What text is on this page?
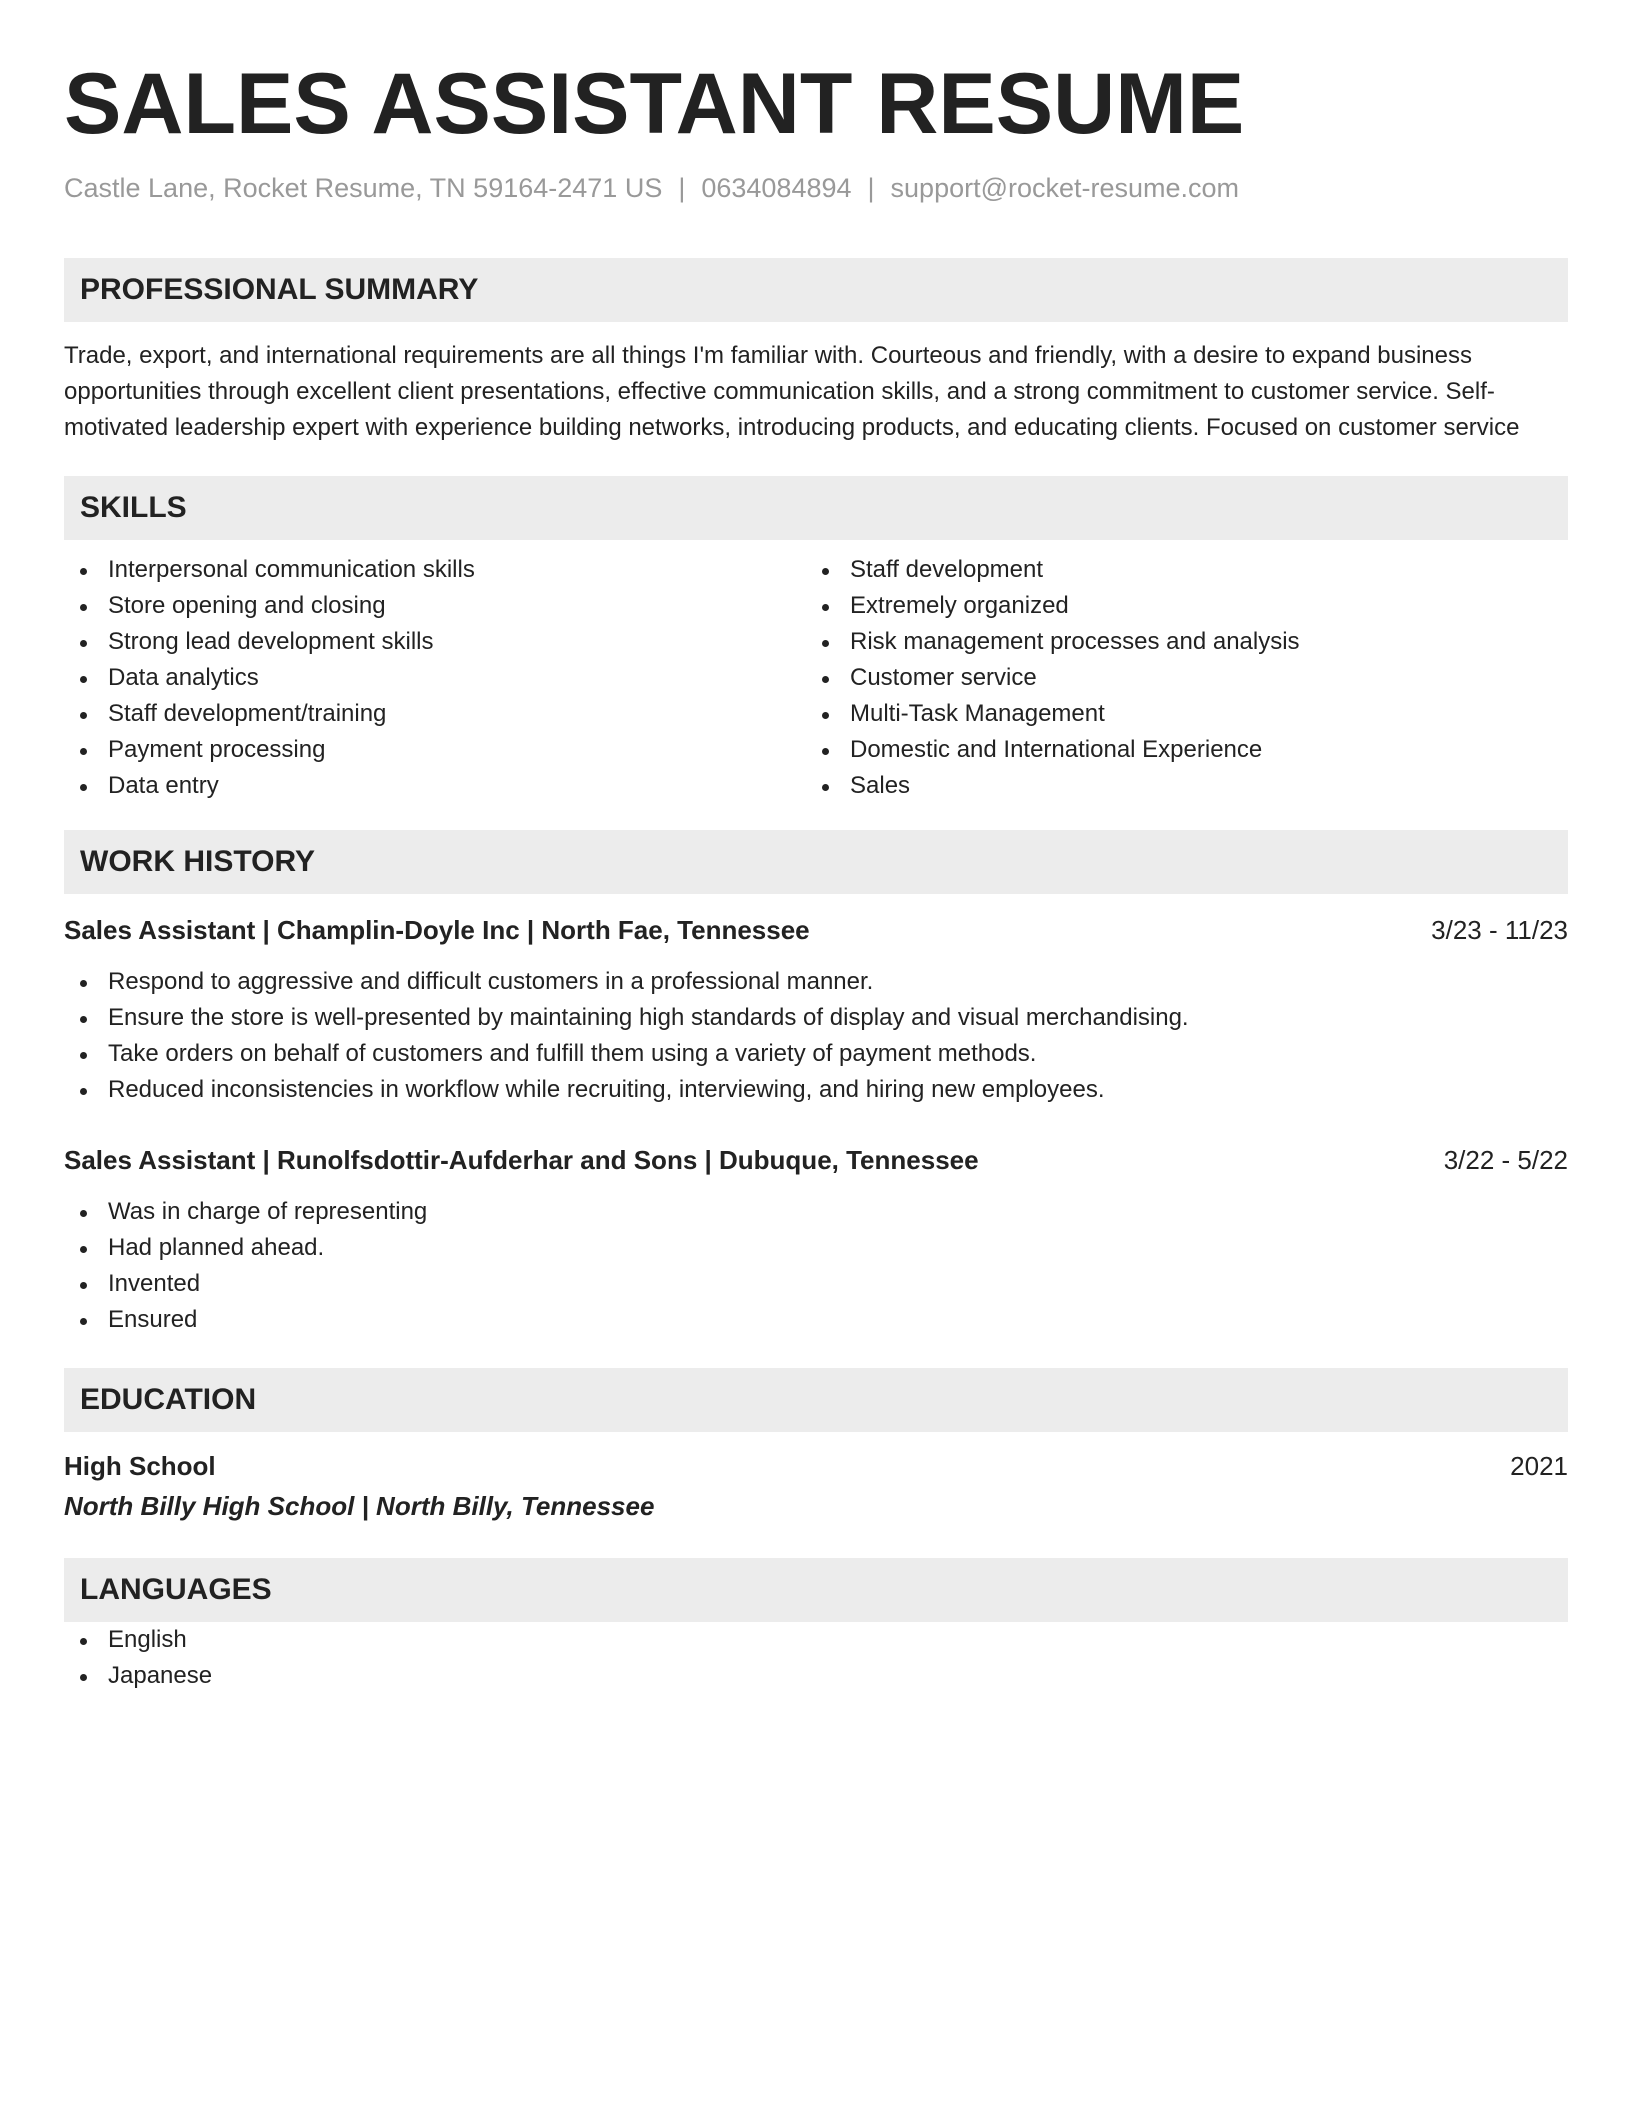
SALES ASSISTANT RESUME
Castle Lane, Rocket Resume, TN 59164-2471 US | 0634084894 | support@rocket-resume.com
PROFESSIONAL SUMMARY

Trade, export, and international requirements are all things I'm familiar with. Courteous and friendly, with a desire to expand business opportunities through excellent client presentations, effective communication skills, and a strong commitment to customer service. Self-motivated leadership expert with experience building networks, introducing products, and educating clients. Focused on customer service

SKILLS
Interpersonal communication skills
Store opening and closing
Strong lead development skills
Data analytics
Staff development/training
Payment processing
Data entry
Staff development
Extremely organized
Risk management processes and analysis
Customer service
Multi-Task Management
Domestic and International Experience
Sales
WORK HISTORY
Sales Assistant | Champlin-Doyle Inc | North Fae, Tennessee	3/23 - 11/23
Respond to aggressive and difficult customers in a professional manner.
Ensure the store is well-presented by maintaining high standards of display and visual merchandising.
Take orders on behalf of customers and fulfill them using a variety of payment methods.
Reduced inconsistencies in workflow while recruiting, interviewing, and hiring new employees.
Sales Assistant | Runolfsdottir-Aufderhar and Sons | Dubuque, Tennessee	3/22 - 5/22
Was in charge of representing
Had planned ahead.
Invented
Ensured
EDUCATION
High School	2021
North Billy High School | North Billy, Tennessee
LANGUAGES
English
Japanese
